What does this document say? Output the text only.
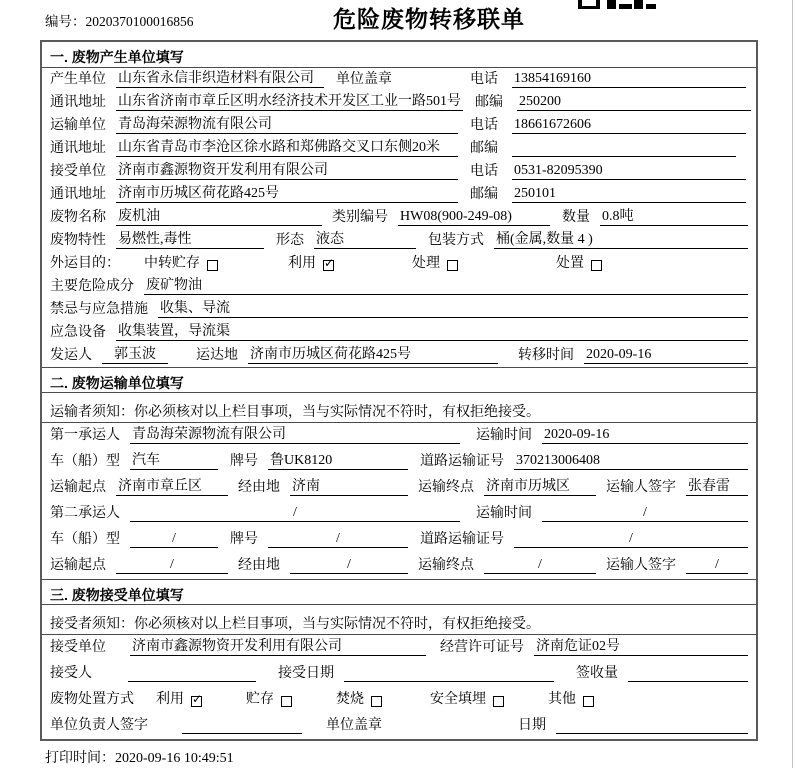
编号：2020370100016856	危险废物转移联单
一. 废物产生单位填写
产生单位 山东省永信非织造材料有限公司	单位盖章	电话 13854169160
通讯地址 山东省济南市章丘区明水经济技术开发区工业一路501号 邮编 250200
运输单位 青岛海荣源物流有限公司	电话 18661672606
通讯地址 山东省青岛市李沧区徐水路和郑佛路交叉口东侧20米	邮编
接受单位 济南市鑫源物资开发利用有限公司	电话 0531-82095390
通讯地址 济南市历城区荷花路425号	邮编 250101
废物名称 废机油	类别编号 HW08(900-249-08)	数量 0.8吨
废物特性 易燃性,毒性	形态 液态	包装方式 桶(金属,数量 4 )
外运目的： 中转贮存	利用 ✓	处理	处置
主要危险成分 废矿物油
禁忌与应急措施 收集、导流
应急设备 收集装置，导流渠
发运人	郭玉波	运达地 济南市历城区荷花路425号	转移时间 2020-09-16
二. 废物运输单位填写
运输者须知：你必须核对以上栏目事项，当与实际情况不符时，有权拒绝接受。
第一承运人 青岛海荣源物流有限公司	运输时间 2020-09-16
车（船）型 汽车	牌号 鲁UK8120	道路运输证号 370213006408
运输起点 济南市章丘区	经由地 济南	运输终点 济南市历城区	运输人签字 张春雷
第二承运人	/	运输时间	/
车（船）型	/	牌号	/	道路运输证号	/
运输起点	/	经由地	/	运输终点	/	运输人签字	/
三. 废物接受单位填写
接受者须知：你必须核对以上栏目事项，当与实际情况不符时，有权拒绝接受。
接受单位 济南市鑫源物资开发利用有限公司	经营许可证号 济南危证02号
接受人	接受日期	签收量
废物处置方式 利用 ✓	贮存	焚烧	安全填埋	其他
单位负责人签字	单位盖章	日期
打印时间：2020-09-16 10:49:51
